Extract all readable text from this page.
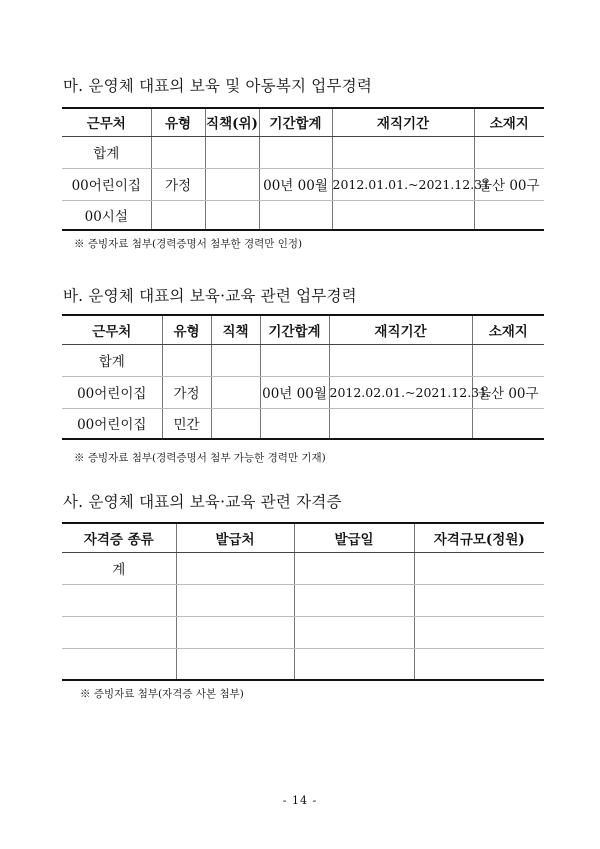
마. 운영체 대표의 보육 및 아동복지 업무경력
근무처	유형	직책(위)	기간합계	재직기간	소재지
합계					
00어린이집	가정		00년 00월	2012.01.01.~2021.12.31	울산 00구
00시설					
※ 증빙자료 첨부(경력증명서 첨부한 경력만 인정)
바. 운영체 대표의 보육·교육 관련 업무경력
근무처	유형	직책	기간합계	재직기간	소재지
합계					
00어린이집	가정		00년 00월	2012.02.01.~2021.12.31.	울산 00구
00어린이집	민간				
※ 증빙자료 첨부(경력증명서 첨부 가능한 경력만 기재)
사. 운영체 대표의 보육·교육 관련 자격증
자격증 종류	발급처	발급일	자격규모(정원)
계			

※ 증빙자료 첨부(자격증 사본 첨부)
- 14 -
